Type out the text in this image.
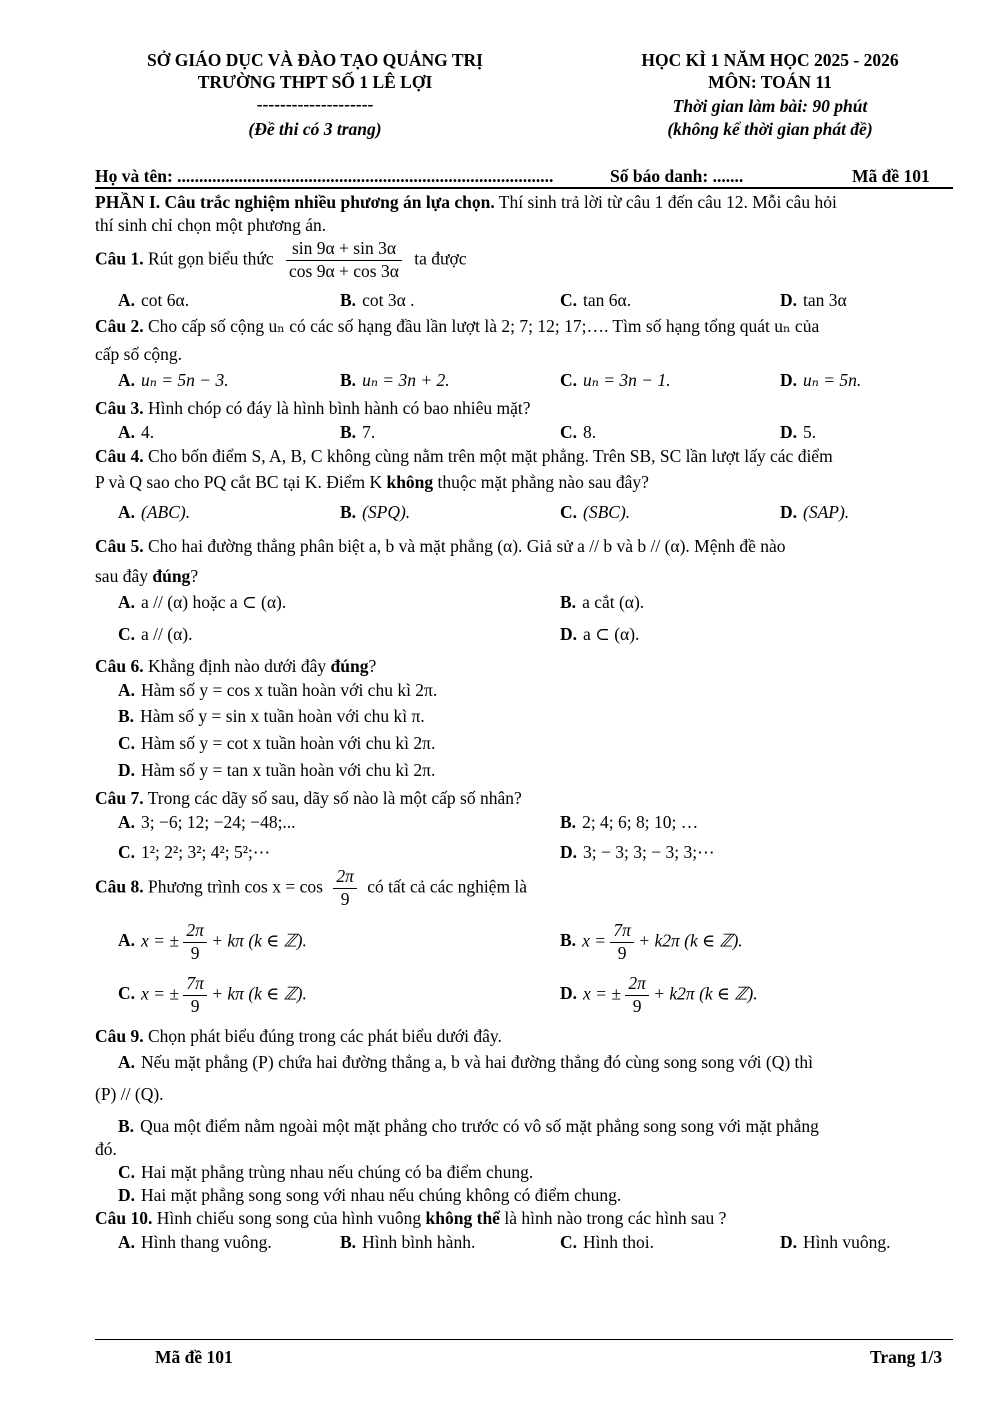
SỞ GIÁO DỤC VÀ ĐÀO TẠO QUẢNG TRỊ
TRƯỜNG THPT SỐ 1 LÊ LỢI
--------------------
(Đề thi có 3 trang)
HỌC KÌ 1 NĂM HỌC 2025 - 2026
MÔN: TOÁN 11
Thời gian làm bài: 90 phút
(không kể thời gian phát đề)
Họ và tên: ......................................................................................	Số báo danh: .......	Mã đề 101
PHẦN I. Câu trắc nghiệm nhiều phương án lựa chọn. Thí sinh trả lời từ câu 1 đến câu 12. Mỗi câu hỏi
thí sinh chỉ chọn một phương án.
Câu 1. Rút gọn biểu thức $\frac{\sin 9\alpha + \sin 3\alpha}{\cos 9\alpha + \cos 3\alpha}$ ta được
A. cot 6α.	B. cot 3α .	C. tan 6α.	D. tan 3α
Câu 2. Cho cấp số cộng uₙ có các số hạng đầu lần lượt là 2; 7; 12; 17;…. Tìm số hạng tổng quát uₙ của
cấp số cộng.
A. uₙ = 5n − 3.	B. uₙ = 3n + 2.	C. uₙ = 3n − 1.	D. uₙ = 5n.
Câu 3. Hình chóp có đáy là hình bình hành có bao nhiêu mặt?
A. 4.	B. 7.	C. 8.	D. 5.
Câu 4. Cho bốn điểm S, A, B, C không cùng nằm trên một mặt phẳng. Trên SB, SC lần lượt lấy các điểm
P và Q sao cho PQ cắt BC tại K. Điểm K không thuộc mặt phẳng nào sau đây?
A. (ABC).	B. (SPQ).	C. (SBC).	D. (SAP).
Câu 5. Cho hai đường thẳng phân biệt a, b và mặt phẳng (α). Giả sử a // b và b // (α). Mệnh đề nào
sau đây đúng?
A. a // (α) hoặc a ⊂ (α).	B. a cắt (α).
C. a // (α).	D. a ⊂ (α).
Câu 6. Khẳng định nào dưới đây đúng?
A. Hàm số y = cos x tuần hoàn với chu kì 2π.
B. Hàm số y = sin x tuần hoàn với chu kì π.
C. Hàm số y = cot x tuần hoàn với chu kì 2π.
D. Hàm số y = tan x tuần hoàn với chu kì 2π.
Câu 7. Trong các dãy số sau, dãy số nào là một cấp số nhân?
A. 3; −6; 12; −24; −48;...	B. 2; 4; 6; 8; 10; …
C. 1²; 2²; 3²; 4²; 5²;⋯	D. 3; − 3; 3; − 3; 3;⋯
Câu 8. Phương trình $\cos x = \cos \frac{2\pi}{9}$ có tất cả các nghiệm là
A. x = ± $\frac{2\pi}{9} + k\pi$ (k ∈ ℤ).	B. $x = \frac{7\pi}{9} + k2\pi$ (k ∈ ℤ).
C. x = ± $\frac{7\pi}{9} + k\pi$ (k ∈ ℤ).	D. x = ± $\frac{2\pi}{9} + k2\pi$ (k ∈ ℤ).
Câu 9. Chọn phát biểu đúng trong các phát biểu dưới đây.
A. Nếu mặt phẳng (P) chứa hai đường thẳng a, b và hai đường thẳng đó cùng song song với (Q) thì
(P) // (Q).
B. Qua một điểm nằm ngoài một mặt phẳng cho trước có vô số mặt phẳng song song với mặt phẳng
đó.
C. Hai mặt phẳng trùng nhau nếu chúng có ba điểm chung.
D. Hai mặt phẳng song song với nhau nếu chúng không có điểm chung.
Câu 10. Hình chiếu song song của hình vuông không thể là hình nào trong các hình sau ?
A. Hình thang vuông.	B. Hình bình hành.	C. Hình thoi.	D. Hình vuông.
Mã đề 101	Trang 1/3
